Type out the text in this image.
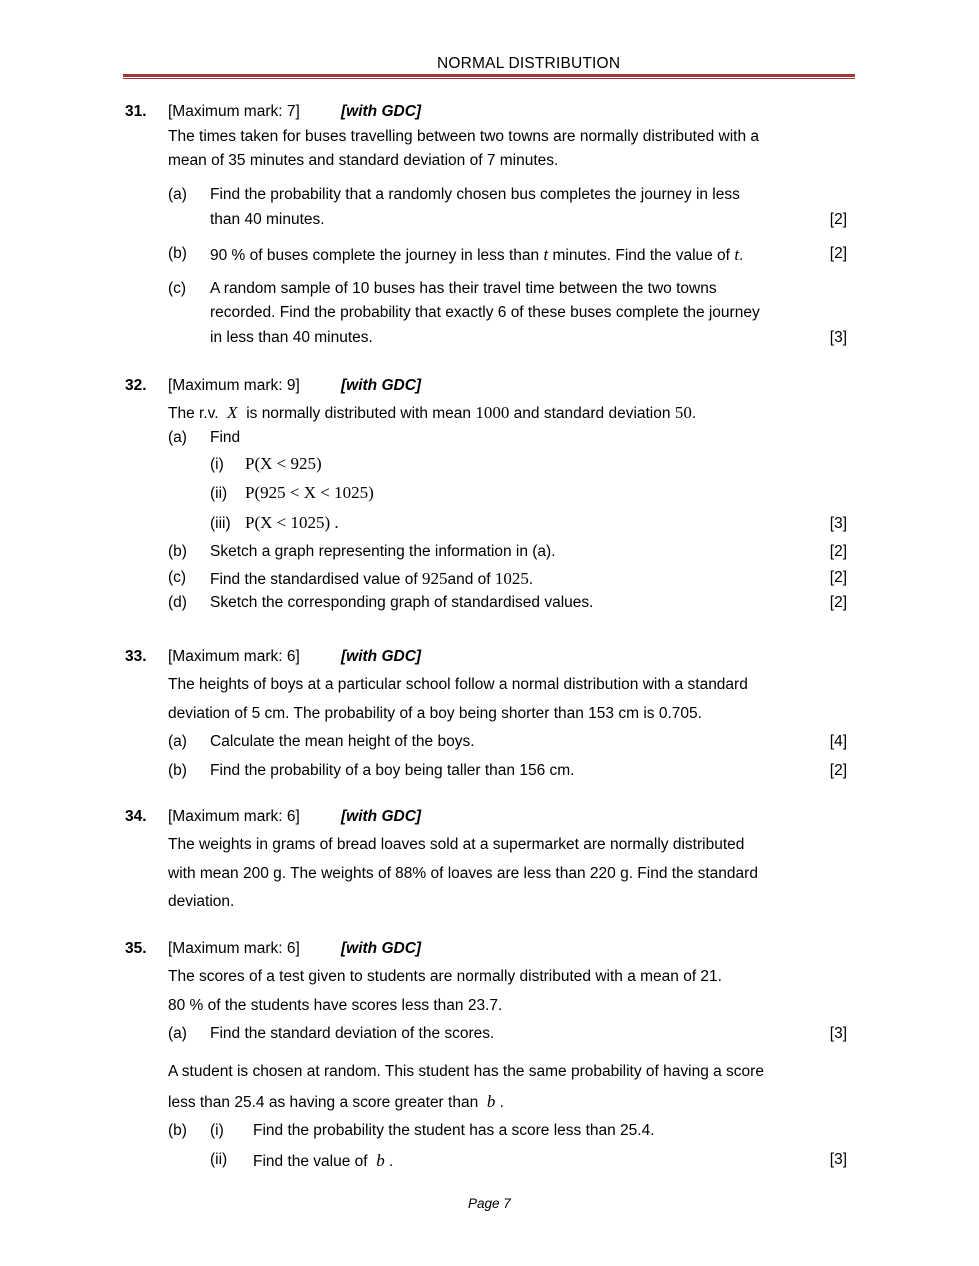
NORMAL DISTRIBUTION
31. [Maximum mark: 7]	[with GDC]
The times taken for buses travelling between two towns are normally distributed with a
mean of 35 minutes and standard deviation of 7 minutes.
(a) Find the probability that a randomly chosen bus completes the journey in less
than 40 minutes.	[2]
(b) 90 % of buses complete the journey in less than t minutes. Find the value of t.	[2]
(c) A random sample of 10 buses has their travel time between the two towns
recorded. Find the probability that exactly 6 of these buses complete the journey
in less than 40 minutes.	[3]
32. [Maximum mark: 9]	[with GDC]
The r.v. X is normally distributed with mean 1000 and standard deviation 50.
(a) Find
(i) P(X < 925)
(ii) P(925 < X < 1025)
(iii) P(X < 1025) .	[3]
(b) Sketch a graph representing the information in (a).	[2]
(c) Find the standardised value of 925and of 1025.	[2]
(d) Sketch the corresponding graph of standardised values.	[2]
33. [Maximum mark: 6]	[with GDC]
The heights of boys at a particular school follow a normal distribution with a standard
deviation of 5 cm. The probability of a boy being shorter than 153 cm is 0.705.
(a) Calculate the mean height of the boys.	[4]
(b) Find the probability of a boy being taller than 156 cm.	[2]
34. [Maximum mark: 6]	[with GDC]
The weights in grams of bread loaves sold at a supermarket are normally distributed
with mean 200 g. The weights of 88% of loaves are less than 220 g. Find the standard
deviation.
35. [Maximum mark: 6]	[with GDC]
The scores of a test given to students are normally distributed with a mean of 21.
80 % of the students have scores less than 23.7.
(a) Find the standard deviation of the scores.	[3]
A student is chosen at random. This student has the same probability of having a score
less than 25.4 as having a score greater than b .
(b) (i) Find the probability the student has a score less than 25.4.
(ii) Find the value of b .	[3]
Page 7
